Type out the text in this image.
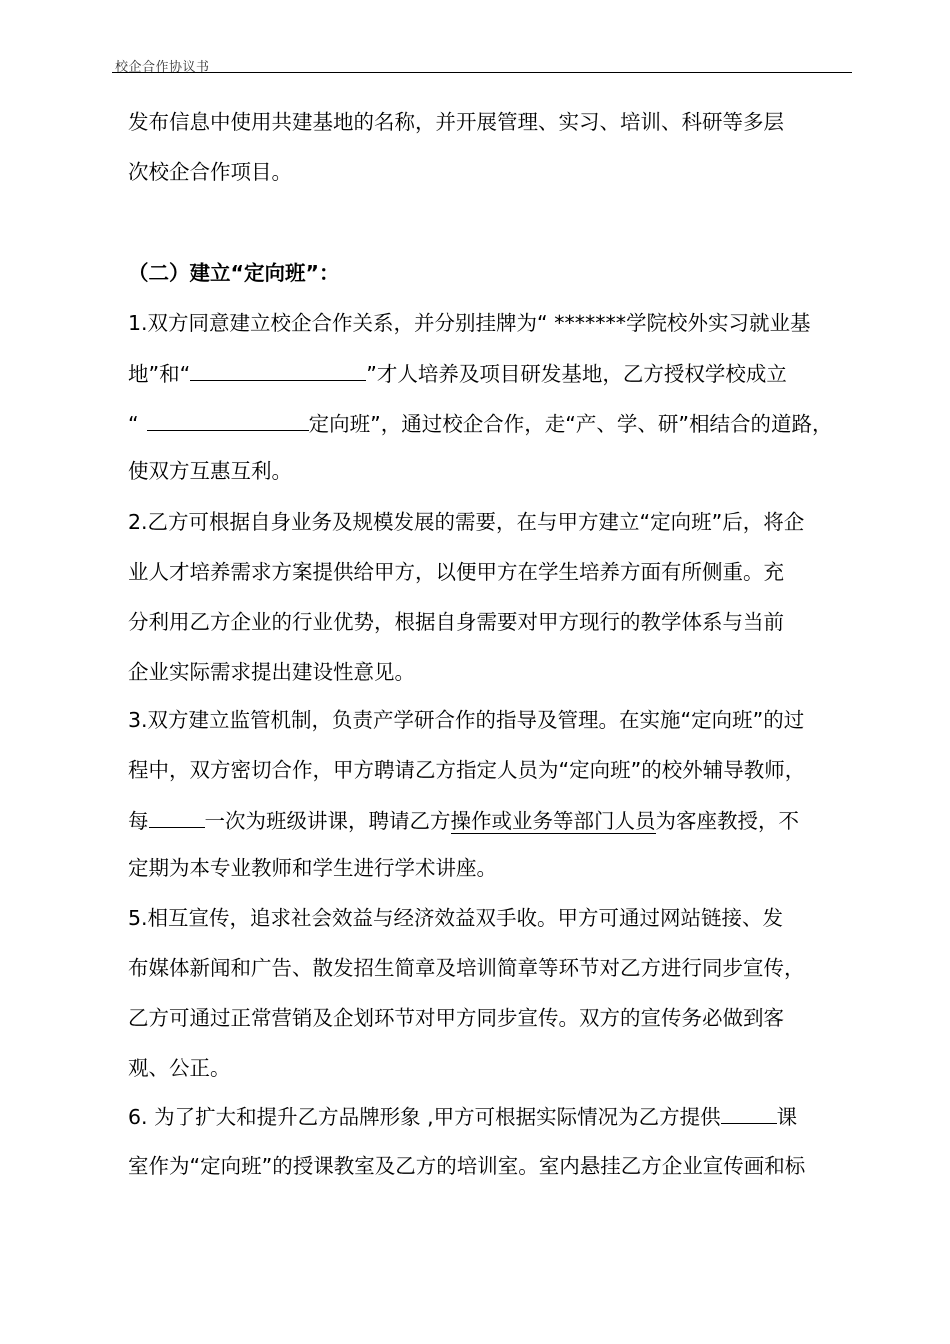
校企合作协议书
发布信息中使用共建基地的名称，并开展管理、实习、培训、科研等多层
次校企合作项目。
（二）建立“定向班”：
1.双方同意建立校企合作关系，并分别挂牌为“ *******学院校外实习就业基
地”和“	”才人培养及项目研发基地，乙方授权学校成立
“	定向班”，通过校企合作，走“产、学、研”相结合的道路，
使双方互惠互利。
2.乙方可根据自身业务及规模发展的需要，在与甲方建立“定向班”后，将企
业人才培养需求方案提供给甲方，以便甲方在学生培养方面有所侧重。充
分利用乙方企业的行业优势，根据自身需要对甲方现行的教学体系与当前
企业实际需求提出建设性意见。
3.双方建立监管机制，负责产学研合作的指导及管理。在实施“定向班”的过
程中，双方密切合作，甲方聘请乙方指定人员为“定向班”的校外辅导教师，
每	一次为班级讲课，聘请乙方操作或业务等部门人员为客座教授，不
定期为本专业教师和学生进行学术讲座。
5.相互宣传，追求社会效益与经济效益双手收。甲方可通过网站链接、发
布媒体新闻和广告、散发招生简章及培训简章等环节对乙方进行同步宣传，
乙方可通过正常营销及企划环节对甲方同步宣传。双方的宣传务必做到客
观、公正。
6. 为了扩大和提升乙方品牌形象 ,甲方可根据实际情况为乙方提供	课
室作为“定向班”的授课教室及乙方的培训室。室内悬挂乙方企业宣传画和标
